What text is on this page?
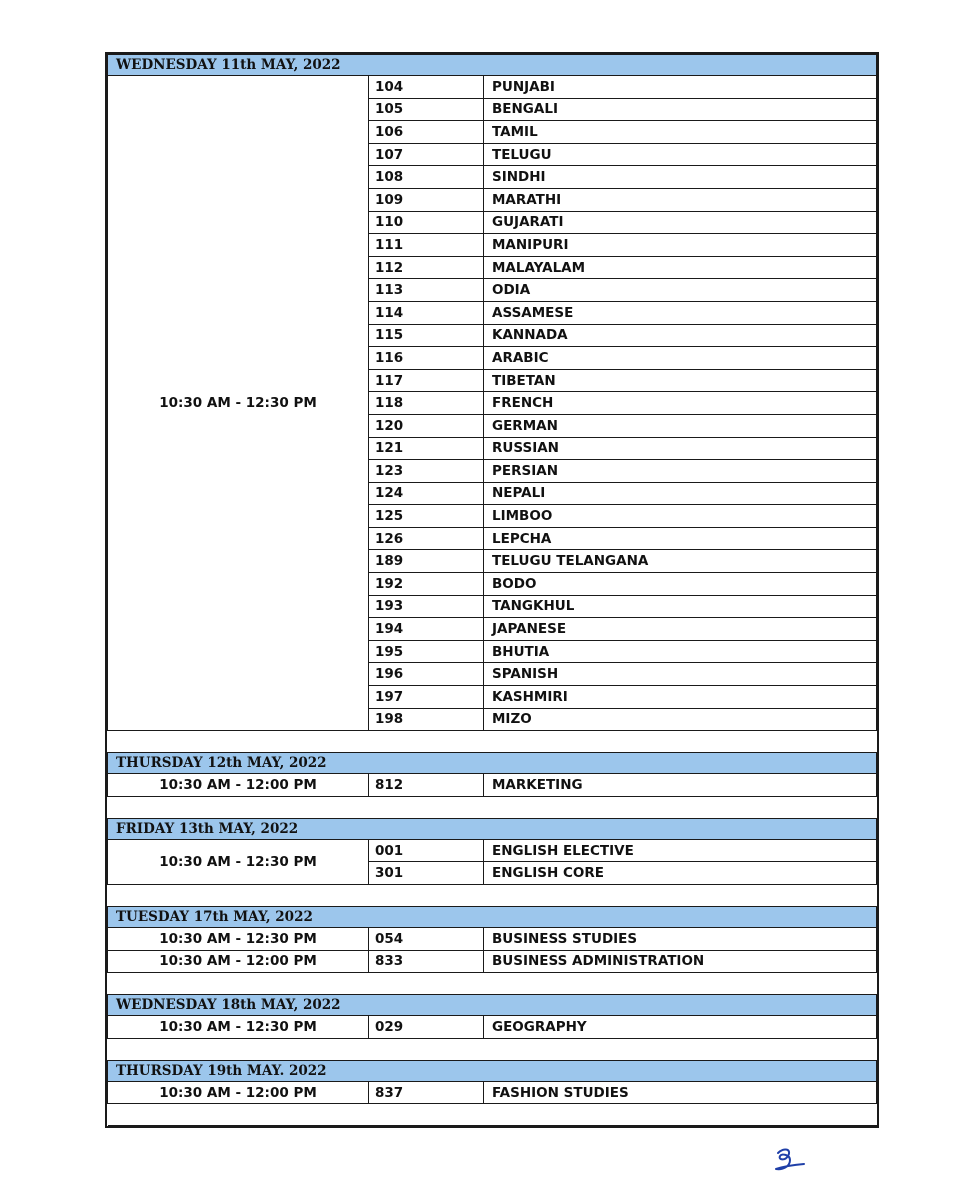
WEDNESDAY 11th MAY, 2022		
10:30 AM - 12:30 PM	104	PUNJABI
	105	BENGALI
	106	TAMIL
	107	TELUGU
	108	SINDHI
	109	MARATHI
	110	GUJARATI
	111	MANIPURI
	112	MALAYALAM
	113	ODIA
	114	ASSAMESE
	115	KANNADA
	116	ARABIC
	117	TIBETAN
	118	FRENCH
	120	GERMAN
	121	RUSSIAN
	123	PERSIAN
	124	NEPALI
	125	LIMBOO
	126	LEPCHA
	189	TELUGU TELANGANA
	192	BODO
	193	TANGKHUL
	194	JAPANESE
	195	BHUTIA
	196	SPANISH
	197	KASHMIRI
	198	MIZO

THURSDAY 12th MAY, 2022		
10:30 AM - 12:00 PM	812	MARKETING

FRIDAY 13th MAY, 2022		
10:30 AM - 12:30 PM	001	ENGLISH ELECTIVE
	301	ENGLISH CORE

TUESDAY 17th MAY, 2022		
10:30 AM - 12:30 PM	054	BUSINESS STUDIES
10:30 AM - 12:00 PM	833	BUSINESS ADMINISTRATION

WEDNESDAY 18th MAY, 2022		
10:30 AM - 12:30 PM	029	GEOGRAPHY

THURSDAY 19th MAY. 2022		
10:30 AM - 12:00 PM	837	FASHION STUDIES
